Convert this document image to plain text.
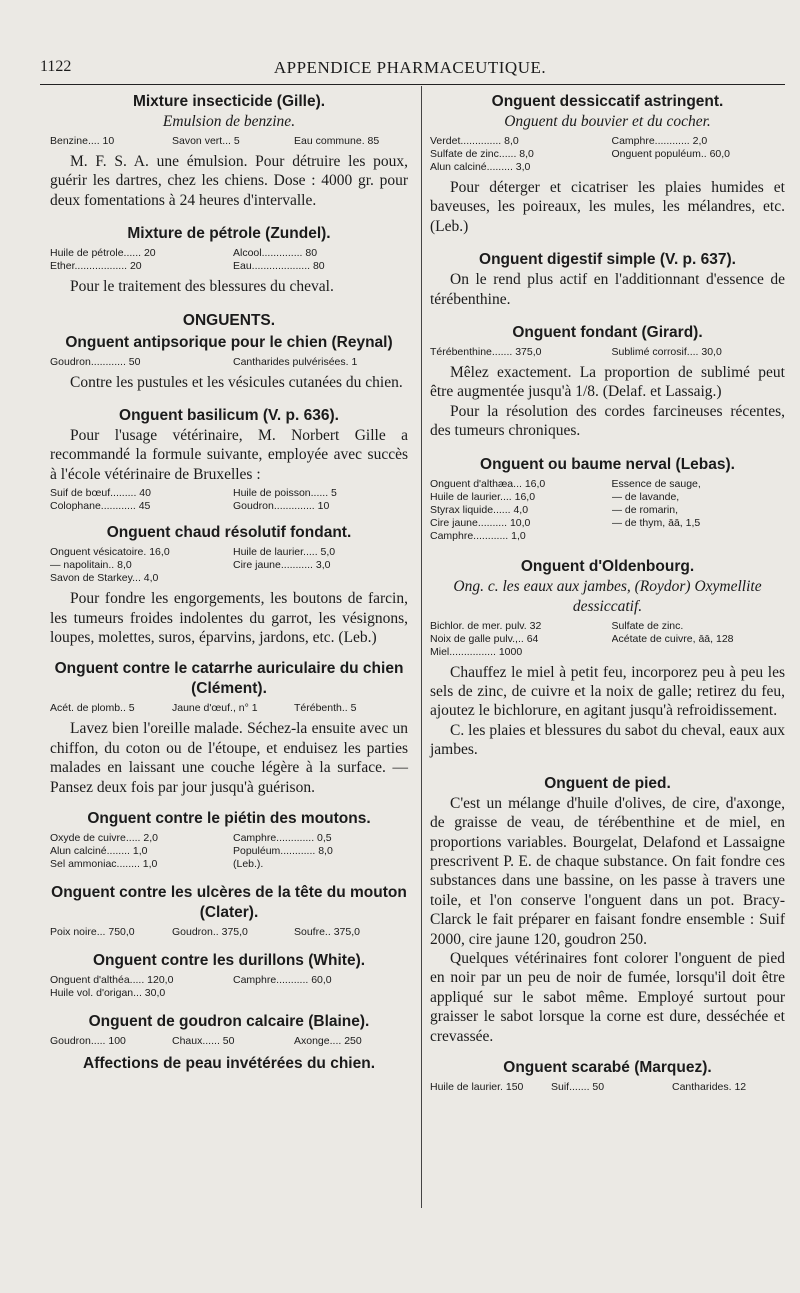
1122	APPENDICE PHARMACEUTIQUE.
Mixture insecticide (Gille).
Emulsion de benzine.
Benzine.... 10	Savon vert... 5	Eau commune. 85

M. F. S. A. une émulsion. Pour détruire les poux, guérir les dartres, chez les chiens. Dose : 4000 gr. pour deux fomentations à 24 heures d'intervalle.

Mixture de pétrole (Zundel).
Huile de pétrole...... 20	Alcool.............. 80
Ether.................. 20	Eau.................... 80

Pour le traitement des blessures du cheval.

ONGUENTS.
Onguent antipsorique pour le chien (Reynal)
Goudron............ 50	Cantharides pulvérisées. 1

Contre les pustules et les vésicules cutanées du chien.

Onguent basilicum (V. p. 636).

Pour l'usage vétérinaire, M. Norbert Gille a recommandé la formule suivante, employée avec succès à l'école vétérinaire de Bruxelles :

Suif de bœuf......... 40	Huile de poisson...... 5
Colophane............ 45	Goudron.............. 10
Onguent chaud résolutif fondant.
Onguent vésicatoire. 16,0	Huile de laurier..... 5,0
— napolitain.. 8,0	Cire jaune........... 3,0
Savon de Starkey... 4,0

Pour fondre les engorgements, les boutons de farcin, les tumeurs froides indolentes du garrot, les vésignons, loupes, molettes, suros, éparvins, jardons, etc. (Leb.)

Onguent contre le catarrhe auriculaire du chien (Clément).
Acét. de plomb.. 5	Jaune d'œuf., n° 1	Térébenth.. 5

Lavez bien l'oreille malade. Séchez-la ensuite avec un chiffon, du coton ou de l'étoupe, et enduisez les parties malades en laissant une couche légère à la surface. — Pansez deux fois par jour jusqu'à guérison.

Onguent contre le piétin des moutons.
Oxyde de cuivre..... 2,0	Camphre............. 0,5
Alun calciné........ 1,0	Populéum............ 8,0
Sel ammoniac........ 1,0	(Leb.).
Onguent contre les ulcères de la tête du mouton (Clater).
Poix noire... 750,0	Goudron.. 375,0	Soufre.. 375,0
Onguent contre les durillons (White).
Onguent d'althéa..... 120,0	Camphre........... 60,0
Huile vol. d'origan... 30,0
Onguent de goudron calcaire (Blaine).
Goudron..... 100	Chaux...... 50	Axonge.... 250
Affections de peau invétérées du chien.
Onguent dessiccatif astringent.
Onguent du bouvier et du cocher.
Verdet.............. 8,0	Camphre............ 2,0
Sulfate de zinc...... 8,0	Onguent populéum.. 60,0
Alun calciné......... 3,0

Pour déterger et cicatriser les plaies humides et baveuses, les poireaux, les mules, les mélandres, etc. (Leb.)

Onguent digestif simple (V. p. 637).

On le rend plus actif en l'additionnant d'essence de térébenthine.

Onguent fondant (Girard).
Térébenthine....... 375,0	Sublimé corrosif.... 30,0

Mêlez exactement. La proportion de sublimé peut être augmentée jusqu'à 1/8. (Delaf. et Lassaig.)

Pour la résolution des cordes farcineuses récentes, des tumeurs chroniques.

Onguent ou baume nerval (Lebas).
Onguent d'althæa... 16,0	Essence de sauge,
Huile de laurier.... 16,0	— de lavande,
Styrax liquide...... 4,0	— de romarin,
Cire jaune.......... 10,0	— de thym, āā, 1,5
Camphre............ 1,0
Onguent d'Oldenbourg.
Ong. c. les eaux aux jambes, (Roydor) Oxymellite dessiccatif.
Bichlor. de mer. pulv. 32	Sulfate de zinc.
Noix de galle pulv.,.. 64	Acétate de cuivre, āā, 128
Miel................ 1000

Chauffez le miel à petit feu, incorporez peu à peu les sels de zinc, de cuivre et la noix de galle; retirez du feu, ajoutez le bichlorure, en agitant jusqu'à refroidissement.

C. les plaies et blessures du sabot du cheval, eaux aux jambes.

Onguent de pied.

C'est un mélange d'huile d'olives, de cire, d'axonge, de graisse de veau, de térébenthine et de miel, en proportions variables. Bourgelat, Delafond et Lassaigne prescrivent P. E. de chaque substance. On fait fondre ces substances dans une bassine, on les passe à travers une toile, et l'on conserve l'onguent dans un pot. Bracy-Clarck le fait préparer en faisant fondre ensemble : Suif 2000, cire jaune 120, goudron 250.

Quelques vétérinaires font colorer l'onguent de pied en noir par un peu de noir de fumée, lorsqu'il doit être appliqué sur le sabot même. Employé surtout pour graisser le sabot lorsque la corne est dure, desséchée et crevassée.

Onguent scarabé (Marquez).
Huile de laurier. 150	Suif....... 50	Cantharides. 12
